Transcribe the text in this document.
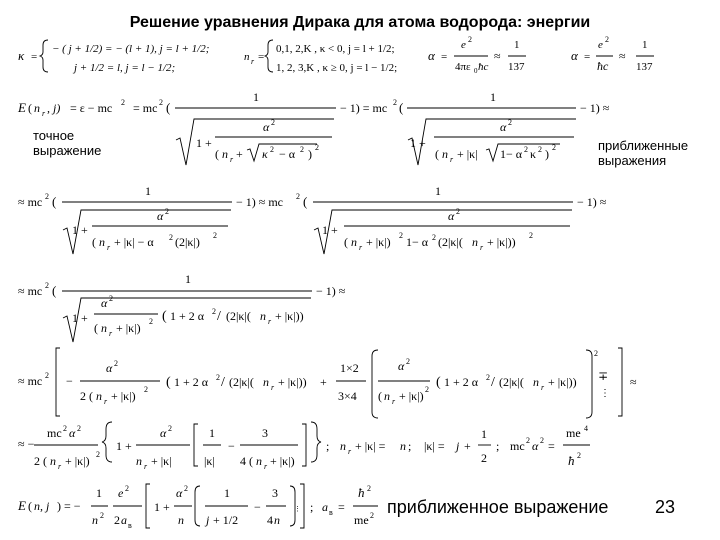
Решение уравнения Дирака для атома водорода: энергии
точное
выражение	приближенные
выражения
приближенное выражение	23
κ =
− ( j + 1/2) = − (l + 1), j = l + 1/2;
j + 1/2 = l, j = l − 1/2;
n r =
0,1, 2,K , κ < 0, j = l + 1/2;
1, 2, 3,K , κ ≥ 0, j = l − 1/2;
α =
e 2
4πε 0 ħc
≈
1
137
α =
e 2
ħc
≈
1
137
E ( n r , j) = ε − mc 2 = mc 2 (
1
1 +
α 2
( n r + κ 2 − α 2 ) 2
− 1) = mc 2 (
1
1 +
α 2
( n r + |κ| 1− α 2 κ 2 ) 2
− 1) ≈
≈ mc 2 (
1
1 +
α 2
( n r + |κ| − α 2 (2|κ|) 2
− 1) ≈ mc 2 (
1
1 +
α 2
( n r + |κ|) 2 1− α 2 (2|κ|( n r + |κ|)) 2
− 1) ≈
≈ mc 2 (
1
1 +
α 2
( n r + |κ|) 2 ( 1 + 2 α 2 / (2|κ|( n r + |κ|))
− 1) ≈
≈ mc 2 −
α 2
2 ( n r + |κ|) 2 ( 1 + 2 α 2 / (2|κ|( n r + |κ|)) +
1×2
3×4
α 2
( n r + |κ|) 2 ( 1 + 2 α 2 / (2|κ|( n r + |κ|))
2
∓
⋮
≈
≈ −
mc 2 α 2
2 ( n r + |κ|) 2
1 +
α 2
n r + |κ|
1
|κ|
−
3
4 ( n r + |κ|)
; n r + |κ| = n ; |κ| = j +
1
2
; mc 2 α 2 =
me 4
ħ 2
E ( n, j ) = −
1
n 2
e 2
2 a в
1 +
α 2
n
1
j + 1/2
−
3
4 n
⋮ ; a в =
ħ 2
me 2
